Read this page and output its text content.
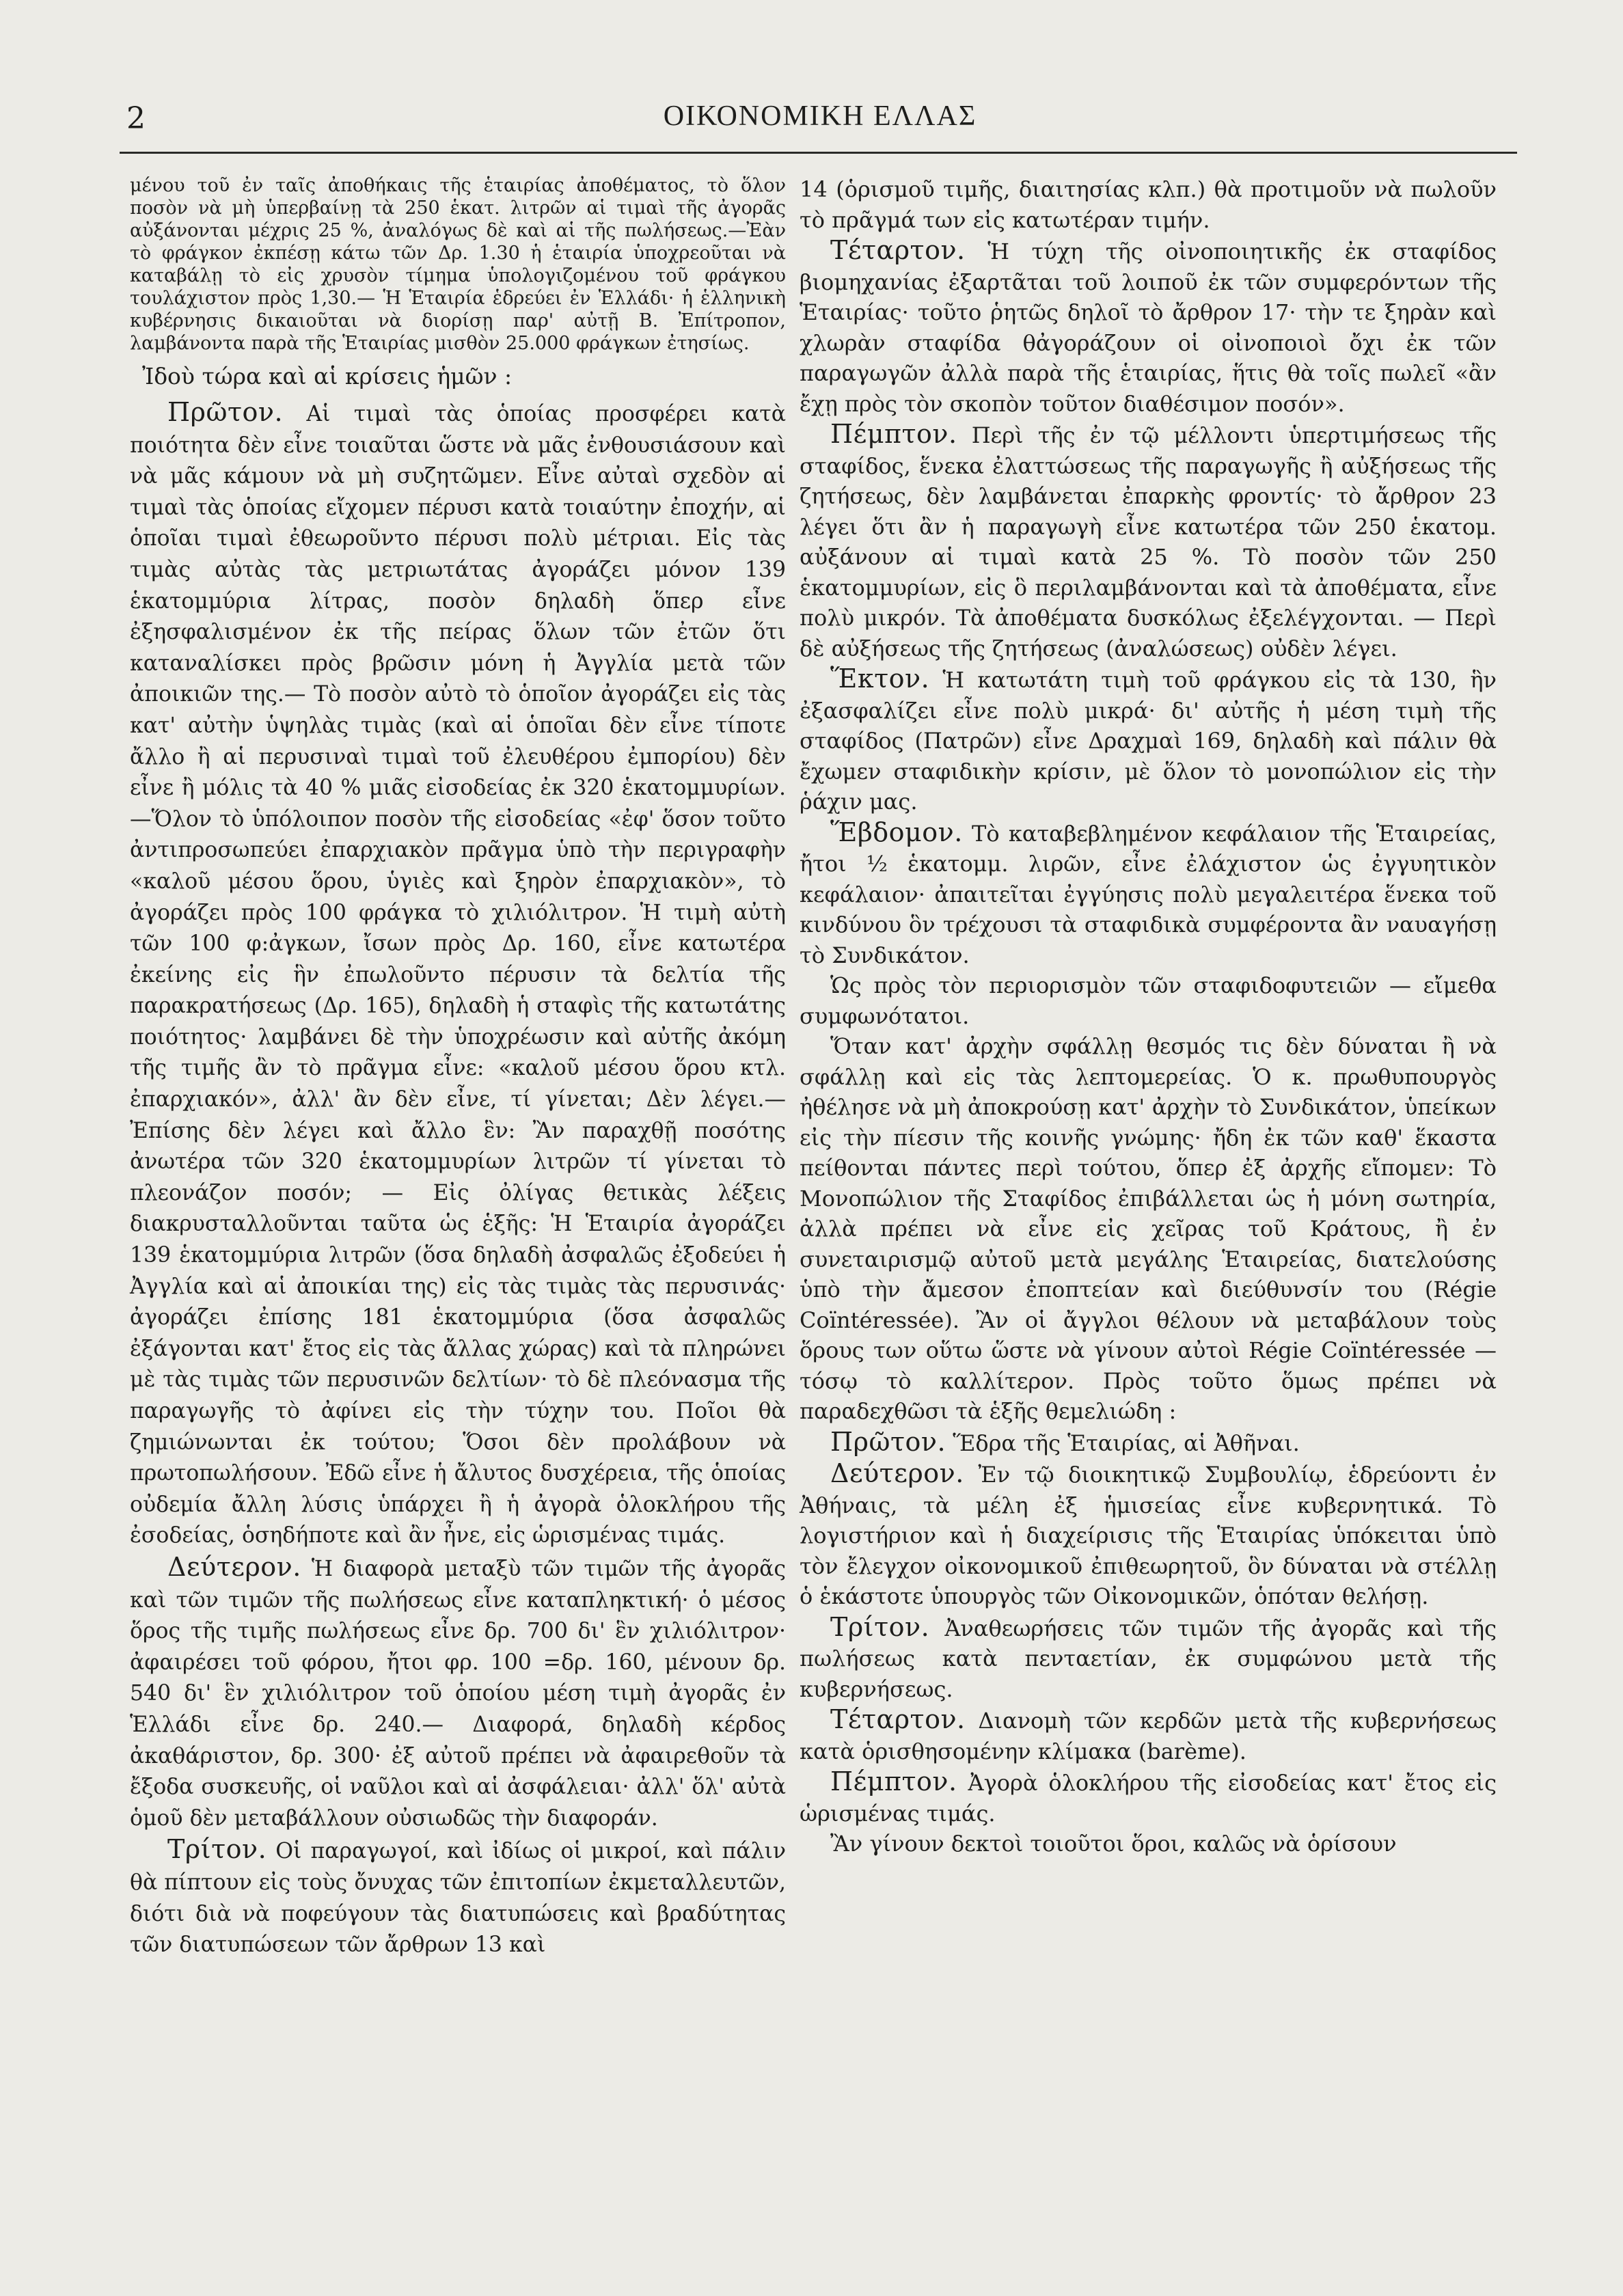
2	ΟΙΚΟΝΟΜΙΚΗ ΕΛΛΑΣ

μένου τοῦ ἐν ταῖς ἀποθήκαις τῆς ἑταιρίας ἀποθέματος, τὸ ὅλον ποσὸν νὰ μὴ ὑπερβαίνῃ τὰ 250 ἑκατ. λιτρῶν αἱ τιμαὶ τῆς ἀγορᾶς αὐξάνονται μέχρις 25 %, ἀναλόγως δὲ καὶ αἱ τῆς πωλήσεως.—Ἐὰν τὸ φράγκον ἐκπέσῃ κάτω τῶν Δρ. 1.30 ἡ ἑταιρία ὑποχρεοῦται νὰ καταβάλῃ τὸ εἰς χρυσὸν τίμημα ὑπολογιζομένου τοῦ φράγκου τουλάχιστον πρὸς 1,30.— Ἡ Ἑταιρία ἑδρεύει ἐν Ἑλλάδι· ἡ ἑλληνικὴ κυβέρνησις δικαιοῦται νὰ διορίσῃ παρ' αὐτῇ Β. Ἐπίτροπον, λαμβάνοντα παρὰ τῆς Ἑταιρίας μισθὸν 25.000 φράγκων ἐτησίως.

Ἰδοὺ τώρα καὶ αἱ κρίσεις ἡμῶν :

Πρῶτον. Αἱ τιμαὶ τὰς ὁποίας προσφέρει κατὰ ποιότητα δὲν εἶνε τοιαῦται ὥστε νὰ μᾶς ἐνθουσιάσουν καὶ νὰ μᾶς κάμουν νὰ μὴ συζητῶμεν. Εἶνε αὐταὶ σχεδὸν αἱ τιμαὶ τὰς ὁποίας εἴχομεν πέρυσι κατὰ τοιαύτην ἐποχήν, αἱ ὁποῖαι τιμαὶ ἐθεωροῦντο πέρυσι πολὺ μέτριαι. Εἰς τὰς τιμὰς αὐτὰς τὰς μετριωτάτας ἀγοράζει μόνον 139 ἑκατομμύρια λίτρας, ποσὸν δηλαδὴ ὅπερ εἶνε ἐξησφαλισμένον ἐκ τῆς πείρας ὅλων τῶν ἐτῶν ὅτι καταναλίσκει πρὸς βρῶσιν μόνη ἡ Ἀγγλία μετὰ τῶν ἀποικιῶν της.— Τὸ ποσὸν αὐτὸ τὸ ὁποῖον ἀγοράζει εἰς τὰς κατ' αὐτὴν ὑψηλὰς τιμὰς (καὶ αἱ ὁποῖαι δὲν εἶνε τίποτε ἄλλο ἢ αἱ περυσιναὶ τιμαὶ τοῦ ἐλευθέρου ἐμπορίου) δὲν εἶνε ἢ μόλις τὰ 40 % μιᾶς εἰσοδείας ἐκ 320 ἑκατομμυρίων.—Ὅλον τὸ ὑπόλοιπον ποσὸν τῆς εἰσοδείας «ἐφ' ὅσον τοῦτο ἀντιπροσωπεύει ἐπαρχιακὸν πρᾶγμα ὑπὸ τὴν περιγραφὴν «καλοῦ μέσου ὅρου, ὑγιὲς καὶ ξηρὸν ἐπαρχιακὸν», τὸ ἀγοράζει πρὸς 100 φράγκα τὸ χιλιόλιτρον. Ἡ τιμὴ αὐτὴ τῶν 100 φ:ἀγκων, ἴσων πρὸς Δρ. 160, εἶνε κατωτέρα ἐκείνης εἰς ἣν ἐπωλοῦντο πέρυσιν τὰ δελτία τῆς παρακρατήσεως (Δρ. 165), δηλαδὴ ἡ σταφὶς τῆς κατωτάτης ποιότητος· λαμβάνει δὲ τὴν ὑποχρέωσιν καὶ αὐτῆς ἀκόμη τῆς τιμῆς ἂν τὸ πρᾶγμα εἶνε: «καλοῦ μέσου ὅρου κτλ. ἐπαρχιακόν», ἀλλ' ἂν δὲν εἶνε, τί γίνεται; Δὲν λέγει.—Ἐπίσης δὲν λέγει καὶ ἄλλο ἓν: Ἂν παραχθῇ ποσότης ἀνωτέρα τῶν 320 ἑκατομμυρίων λιτρῶν τί γίνεται τὸ πλεονάζον ποσόν; — Εἰς ὀλίγας θετικὰς λέξεις διακρυσταλλοῦνται ταῦτα ὡς ἑξῆς: Ἡ Ἑταιρία ἀγοράζει 139 ἑκατομμύρια λιτρῶν (ὅσα δηλαδὴ ἀσφαλῶς ἐξοδεύει ἡ Ἀγγλία καὶ αἱ ἀποικίαι της) εἰς τὰς τιμὰς τὰς περυσινάς· ἀγοράζει ἐπίσης 181 ἑκατομμύρια (ὅσα ἀσφαλῶς ἐξάγονται κατ' ἔτος εἰς τὰς ἄλλας χώρας) καὶ τὰ πληρώνει μὲ τὰς τιμὰς τῶν περυσινῶν δελτίων· τὸ δὲ πλεόνασμα τῆς παραγωγῆς τὸ ἀφίνει εἰς τὴν τύχην του. Ποῖοι θὰ ζημιώνωνται ἐκ τούτου; Ὅσοι δὲν προλάβουν νὰ πρωτοπωλήσουν. Ἐδῶ εἶνε ἡ ἄλυτος δυσχέρεια, τῆς ὁποίας οὐδεμία ἄλλη λύσις ὑπάρχει ἢ ἡ ἀγορὰ ὁλοκλήρου τῆς ἐσοδείας, ὁσηδήποτε καὶ ἂν ἦνε, εἰς ὡρισμένας τιμάς.

Δεύτερον. Ἡ διαφορὰ μεταξὺ τῶν τιμῶν τῆς ἀγορᾶς καὶ τῶν τιμῶν τῆς πωλήσεως εἶνε καταπληκτική· ὁ μέσος ὅρος τῆς τιμῆς πωλήσεως εἶνε δρ. 700 δι' ἓν χιλιόλιτρον· ἀφαιρέσει τοῦ φόρου, ἤτοι φρ. 100 =δρ. 160, μένουν δρ. 540 δι' ἓν χιλιόλιτρον τοῦ ὁποίου μέση τιμὴ ἀγορᾶς ἐν Ἑλλάδι εἶνε δρ. 240.— Διαφορά, δηλαδὴ κέρδος ἀκαθάριστον, δρ. 300· ἐξ αὐτοῦ πρέπει νὰ ἀφαιρεθοῦν τὰ ἔξοδα συσκευῆς, οἱ ναῦλοι καὶ αἱ ἀσφάλειαι· ἀλλ' ὅλ' αὐτὰ ὁμοῦ δὲν μεταβάλλουν οὐσιωδῶς τὴν διαφοράν.

Τρίτον. Οἱ παραγωγοί, καὶ ἰδίως οἱ μικροί, καὶ πάλιν θὰ πίπτουν εἰς τοὺς ὄνυχας τῶν ἐπιτοπίων ἐκμεταλλευτῶν, διότι διὰ νὰ ποφεύγουν τὰς διατυπώσεις καὶ βραδύτητας τῶν διατυπώσεων τῶν ἄρθρων 13 καὶ

14 (ὁρισμοῦ τιμῆς, διαιτησίας κλπ.) θὰ προτιμοῦν νὰ πωλοῦν τὸ πρᾶγμά των εἰς κατωτέραν τιμήν.

Τέταρτον. Ἡ τύχη τῆς οἰνοποιητικῆς ἐκ σταφίδος βιομηχανίας ἐξαρτᾶται τοῦ λοιποῦ ἐκ τῶν συμφερόντων τῆς Ἑταιρίας· τοῦτο ῥητῶς δηλοῖ τὸ ἄρθρον 17· τὴν τε ξηρὰν καὶ χλωρὰν σταφίδα θἀγοράζουν οἱ οἰνοποιοὶ ὄχι ἐκ τῶν παραγωγῶν ἀλλὰ παρὰ τῆς ἑταιρίας, ἥτις θὰ τοῖς πωλεῖ «ἂν ἔχῃ πρὸς τὸν σκοπὸν τοῦτον διαθέσιμον ποσόν».

Πέμπτον. Περὶ τῆς ἐν τῷ μέλλοντι ὑπερτιμήσεως τῆς σταφίδος, ἕνεκα ἐλαττώσεως τῆς παραγωγῆς ἢ αὐξήσεως τῆς ζητήσεως, δὲν λαμβάνεται ἐπαρκὴς φροντίς· τὸ ἄρθρον 23 λέγει ὅτι ἂν ἡ παραγωγὴ εἶνε κατωτέρα τῶν 250 ἑκατομ. αὐξάνουν αἱ τιμαὶ κατὰ 25 %. Τὸ ποσὸν τῶν 250 ἑκατομμυρίων, εἰς ὃ περιλαμβάνονται καὶ τὰ ἀποθέματα, εἶνε πολὺ μικρόν. Τὰ ἀποθέματα δυσκόλως ἐξελέγχονται. — Περὶ δὲ αὐξήσεως τῆς ζητήσεως (ἀναλώσεως) οὐδὲν λέγει.

Ἕκτον. Ἡ κατωτάτη τιμὴ τοῦ φράγκου εἰς τὰ 130, ἣν ἐξασφαλίζει εἶνε πολὺ μικρά· δι' αὐτῆς ἡ μέση τιμὴ τῆς σταφίδος (Πατρῶν) εἶνε Δραχμαὶ 169, δηλαδὴ καὶ πάλιν θὰ ἔχωμεν σταφιδικὴν κρίσιν, μὲ ὅλον τὸ μονοπώλιον εἰς τὴν ῥάχιν μας.

Ἕβδομον. Τὸ καταβεβλημένον κεφάλαιον τῆς Ἑταιρείας, ἤτοι ½ ἑκατομμ. λιρῶν, εἶνε ἐλάχιστον ὡς ἐγγυητικὸν κεφάλαιον· ἀπαιτεῖται ἐγγύησις πολὺ μεγαλειτέρα ἕνεκα τοῦ κινδύνου ὃν τρέχουσι τὰ σταφιδικὰ συμφέροντα ἂν ναυαγήσῃ τὸ Συνδικάτον.

Ὡς πρὸς τὸν περιορισμὸν τῶν σταφιδοφυτειῶν — εἴμεθα συμφωνότατοι.

Ὅταν κατ' ἀρχὴν σφάλλῃ θεσμός τις δὲν δύναται ἢ νὰ σφάλλῃ καὶ εἰς τὰς λεπτομερείας. Ὁ κ. πρωθυπουργὸς ἠθέλησε νὰ μὴ ἀποκρούσῃ κατ' ἀρχὴν τὸ Συνδικάτον, ὑπείκων εἰς τὴν πίεσιν τῆς κοινῆς γνώμης· ἤδη ἐκ τῶν καθ' ἕκαστα πείθονται πάντες περὶ τούτου, ὅπερ ἐξ ἀρχῆς εἴπομεν: Τὸ Μονοπώλιον τῆς Σταφίδος ἐπιβάλλεται ὡς ἡ μόνη σωτηρία, ἀλλὰ πρέπει νὰ εἶνε εἰς χεῖρας τοῦ Κράτους, ἢ ἐν συνεταιρισμῷ αὐτοῦ μετὰ μεγάλης Ἑταιρείας, διατελούσης ὑπὸ τὴν ἄμεσον ἐποπτείαν καὶ διεύθυνσίν του (Régie Coïntéressée). Ἂν οἱ ἄγγλοι θέλουν νὰ μεταβάλουν τοὺς ὅρους των οὕτω ὥστε νὰ γίνουν αὐτοὶ Régie Coïntéressée — τόσῳ τὸ καλλίτερον. Πρὸς τοῦτο ὅμως πρέπει νὰ παραδεχθῶσι τὰ ἑξῆς θεμελιώδη :

Πρῶτον. Ἕδρα τῆς Ἑταιρίας, αἱ Ἀθῆναι.

Δεύτερον. Ἐν τῷ διοικητικῷ Συμβουλίῳ, ἑδρεύοντι ἐν Ἀθήναις, τὰ μέλη ἐξ ἡμισείας εἶνε κυβερνητικά. Τὸ λογιστήριον καὶ ἡ διαχείρισις τῆς Ἑταιρίας ὑπόκειται ὑπὸ τὸν ἔλεγχον οἰκονομικοῦ ἐπιθεωρητοῦ, ὃν δύναται νὰ στέλλῃ ὁ ἑκάστοτε ὑπουργὸς τῶν Οἰκονομικῶν, ὁπόταν θελήσῃ.

Τρίτον. Ἀναθεωρήσεις τῶν τιμῶν τῆς ἀγορᾶς καὶ τῆς πωλήσεως κατὰ πενταετίαν, ἐκ συμφώνου μετὰ τῆς κυβερνήσεως.

Τέταρτον. Διανομὴ τῶν κερδῶν μετὰ τῆς κυβερνήσεως κατὰ ὁρισθησομένην κλίμακα (barème).

Πέμπτον. Ἀγορὰ ὁλοκλήρου τῆς εἰσοδείας κατ' ἔτος εἰς ὡρισμένας τιμάς.

Ἂν γίνουν δεκτοὶ τοιοῦτοι ὅροι, καλῶς νὰ ὁρίσουν
